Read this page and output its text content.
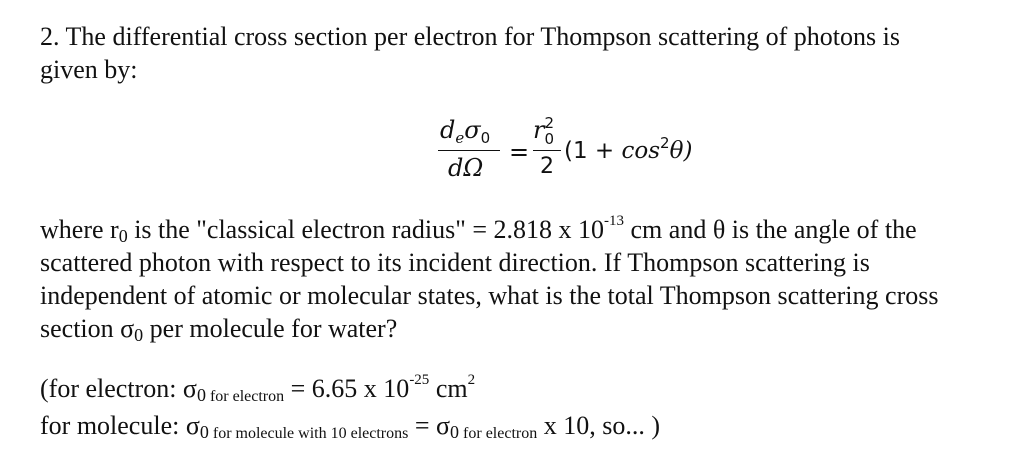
2. The differential cross section per electron for Thompson scattering of photons is
given by:
$d_e\sigma_0$
dΩ
=
r 2
0
2
$(1 + \cos^2\theta)$
where $r_0$ is the "classical electron radius" = 2.818 x $10^{-13}$ cm and θ is the angle of the
scattered photon with respect to its incident direction. If Thompson scattering is
independent of atomic or molecular states, what is the total Thompson scattering cross
section $\sigma_0$ per molecule for water?
(for electron: $\sigma_0$ for electron = 6.65 x $10^{-25}$ $cm^2$
for molecule: $\sigma_0$ for molecule with 10 electrons = $\sigma_0$ for electron x 10, so... )
